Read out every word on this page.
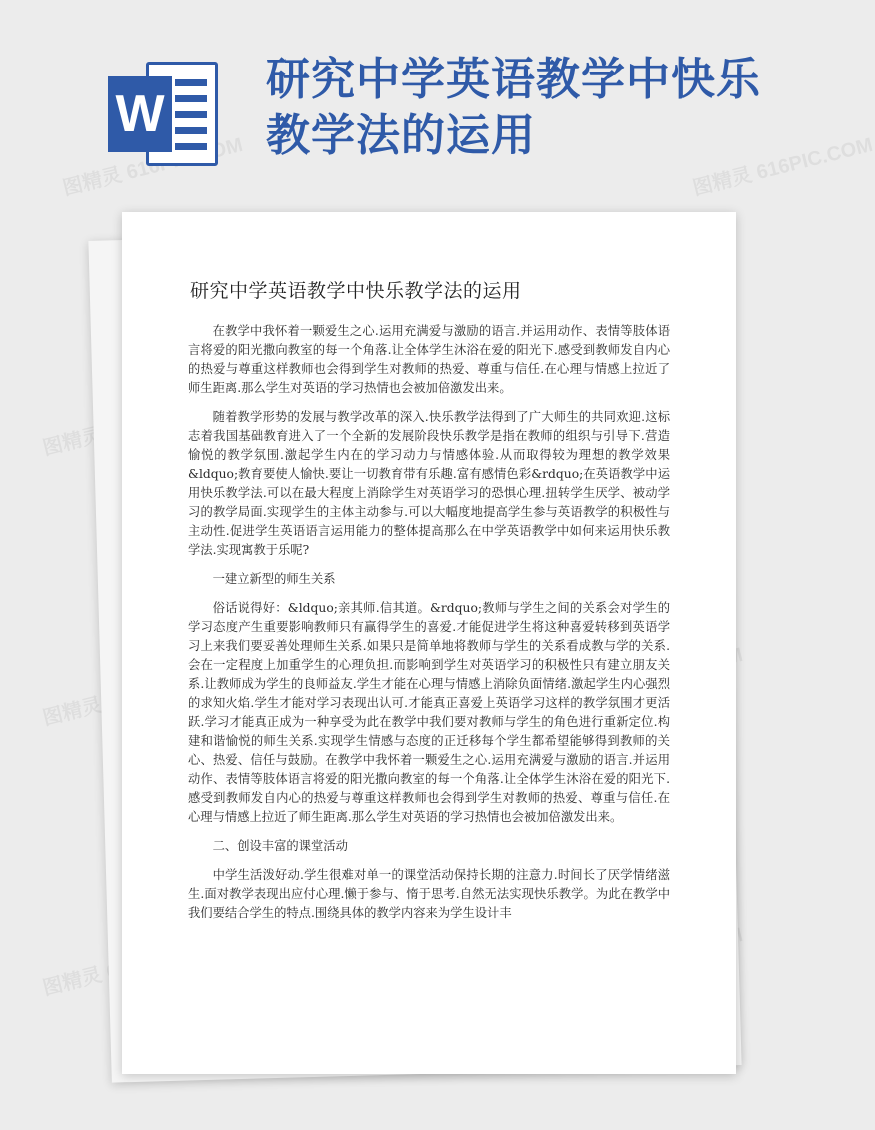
图精灵 616PIC.COM	图精灵 616PIC.COM
图精灵
图精灵
图精灵
W
研究中学英语教学中快乐教学法的运用
研究中学英语教学中快乐教学法的运用

在教学中我怀着一颗爱生之心.运用充满爱与激励的语言.并运用动作、表情等肢体语言将爱的阳光撒向教室的每一个角落.让全体学生沐浴在爱的阳光下.感受到教师发自内心的热爱与尊重这样教师也会得到学生对教师的热爱、尊重与信任.在心理与情感上拉近了师生距离.那么学生对英语的学习热情也会被加倍激发出来。

随着教学形势的发展与教学改革的深入.快乐教学法得到了广大师生的共同欢迎.这标志着我国基础教育进入了一个全新的发展阶段快乐教学是指在教师的组织与引导下.营造愉悦的教学氛围.激起学生内在的学习动力与情感体验.从而取得较为理想的教学效果&ldquo;教育要使人愉快.要让一切教育带有乐趣.富有感情色彩&rdquo;在英语教学中运用快乐教学法.可以在最大程度上消除学生对英语学习的恐惧心理.扭转学生厌学、被动学习的教学局面.实现学生的主体主动参与.可以大幅度地提高学生参与英语教学的积极性与主动性.促进学生英语语言运用能力的整体提高那么在中学英语教学中如何来运用快乐教学法.实现寓教于乐呢?

一建立新型的师生关系

俗话说得好：&ldquo;亲其师.信其道。&rdquo;教师与学生之间的关系会对学生的学习态度产生重要影响教师只有赢得学生的喜爱.才能促进学生将这种喜爱转移到英语学习上来我们要妥善处理师生关系.如果只是简单地将教师与学生的关系看成教与学的关系.会在一定程度上加重学生的心理负担.而影响到学生对英语学习的积极性只有建立朋友关系.让教师成为学生的良师益友.学生才能在心理与情感上消除负面情绪.激起学生内心强烈的求知火焰.学生才能对学习表现出认可.才能真正喜爱上英语学习这样的教学氛围才更活跃.学习才能真正成为一种享受为此在教学中我们要对教师与学生的角色进行重新定位.构建和谐愉悦的师生关系.实现学生情感与态度的正迁移每个学生都希望能够得到教师的关心、热爱、信任与鼓励。在教学中我怀着一颗爱生之心.运用充满爱与激励的语言.并运用动作、表情等肢体语言将爱的阳光撒向教室的每一个角落.让全体学生沐浴在爱的阳光下.感受到教师发自内心的热爱与尊重这样教师也会得到学生对教师的热爱、尊重与信任.在心理与情感上拉近了师生距离.那么学生对英语的学习热情也会被加倍激发出来。

二、创设丰富的课堂活动

中学生活泼好动.学生很难对单一的课堂活动保持长期的注意力.时间长了厌学情绪滋生.面对教学表现出应付心理.懒于参与、惰于思考.自然无法实现快乐教学。为此在教学中我们要结合学生的特点.围绕具体的教学内容来为学生设计丰
